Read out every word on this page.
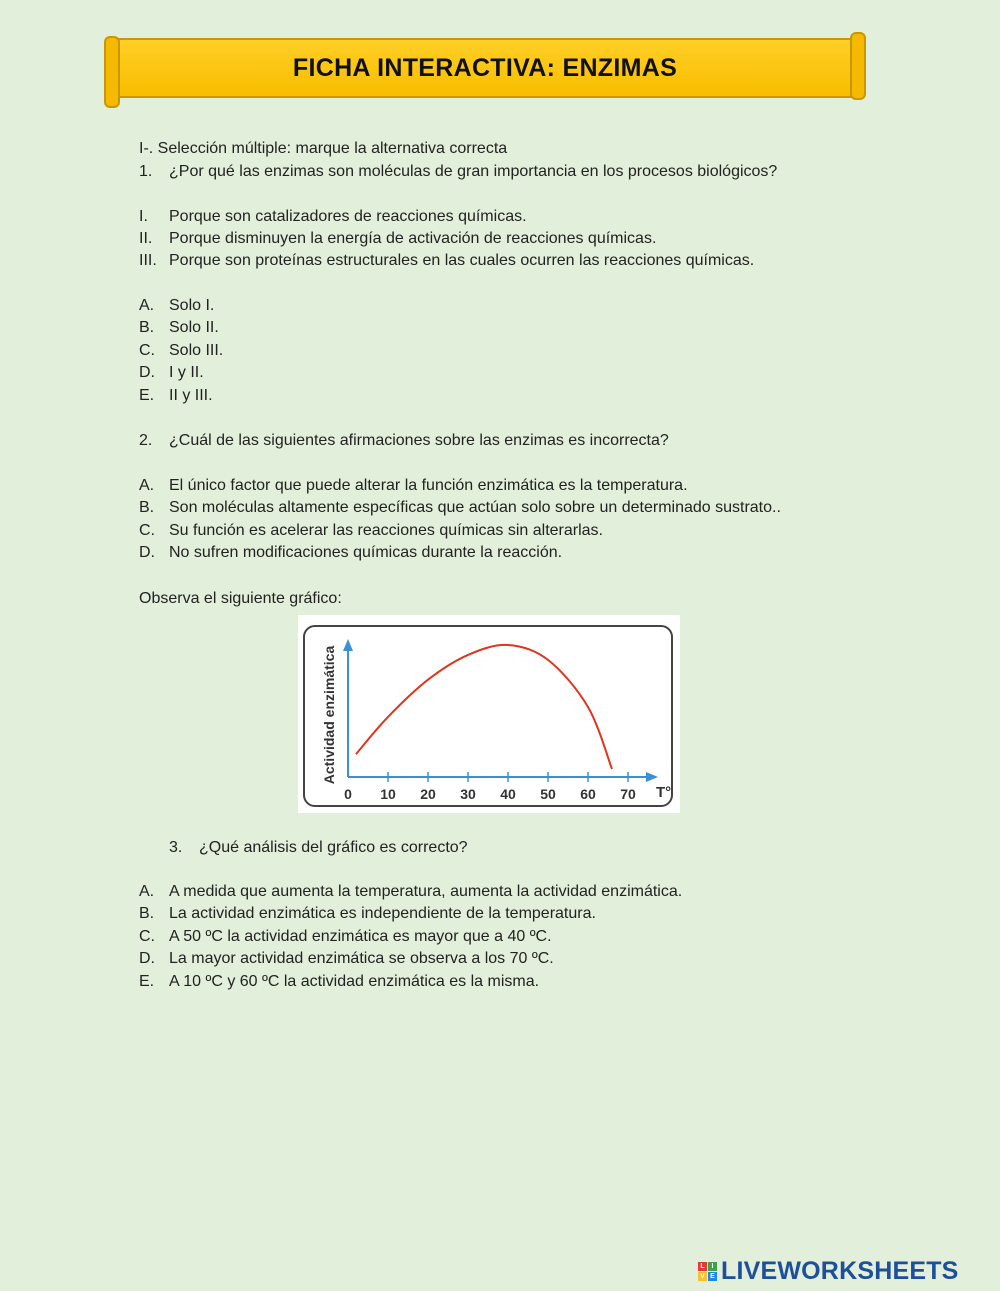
FICHA INTERACTIVA: ENZIMAS
I-. Selección múltiple: marque la alternativa correcta
1. ¿Por qué las enzimas son moléculas de gran importancia en los procesos biológicos?
I. Porque son catalizadores de reacciones químicas.
II. Porque disminuyen la energía de activación de reacciones químicas.
III. Porque son proteínas estructurales en las cuales ocurren las reacciones químicas.
A. Solo I.
B. Solo II.
C. Solo III.
D. I y II.
E. II y III.
2. ¿Cuál de las siguientes afirmaciones sobre las enzimas es incorrecta?
A. El único factor que puede alterar la función enzimática es la temperatura.
B. Son moléculas altamente específicas que actúan solo sobre un determinado sustrato..
C. Su función es acelerar las reacciones químicas sin alterarlas.
D. No sufren modificaciones químicas durante la reacción.
Observa el siguiente gráfico:
0 10 20 30 40 50 60 70 T°
Actividad enzimática
3. ¿Qué análisis del gráfico es correcto?
A. A medida que aumenta la temperatura, aumenta la actividad enzimática.
B. La actividad enzimática es independiente de la temperatura.
C. A 50 ºC la actividad enzimática es mayor que a 40 ºC.
D. La mayor actividad enzimática se observa a los 70 ºC.
E. A 10 ºC y 60 ºC la actividad enzimática es la misma.
L I
V E LIVEWORKSHEETS
